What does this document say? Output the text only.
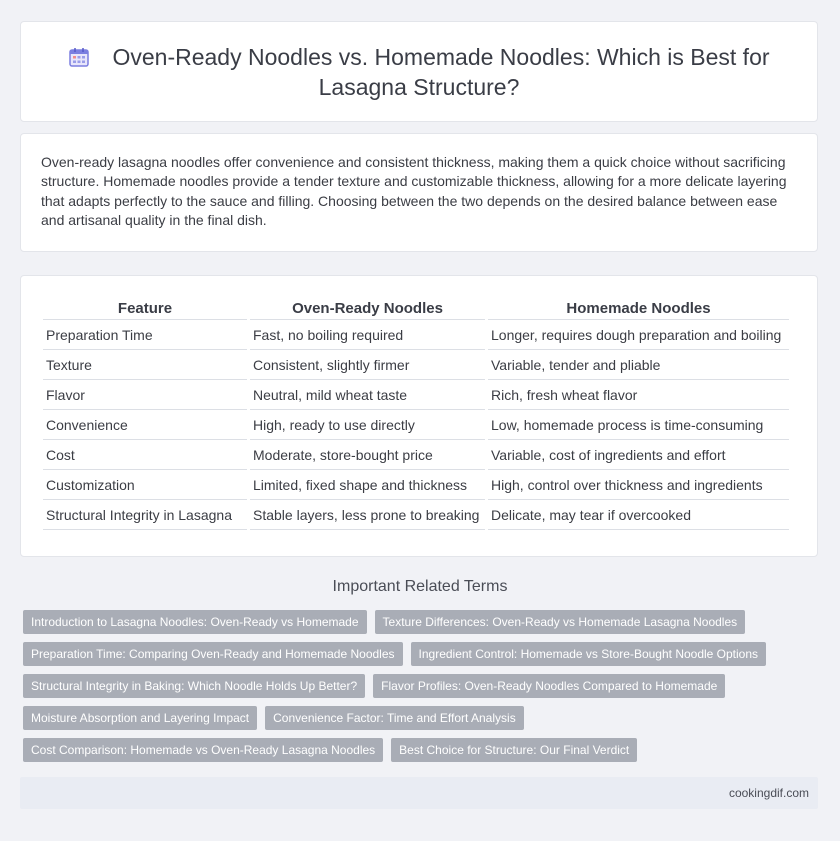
Oven-Ready Noodles vs. Homemade Noodles: Which is Best for Lasagna Structure?

Oven-ready lasagna noodles offer convenience and consistent thickness, making them a quick choice without sacrificing structure. Homemade noodles provide a tender texture and customizable thickness, allowing for a more delicate layering that adapts perfectly to the sauce and filling. Choosing between the two depends on the desired balance between ease and artisanal quality in the final dish.

Feature	Oven-Ready Noodles	Homemade Noodles
Preparation Time	Fast, no boiling required	Longer, requires dough preparation and boiling
Texture	Consistent, slightly firmer	Variable, tender and pliable
Flavor	Neutral, mild wheat taste	Rich, fresh wheat flavor
Convenience	High, ready to use directly	Low, homemade process is time-consuming
Cost	Moderate, store-bought price	Variable, cost of ingredients and effort
Customization	Limited, fixed shape and thickness	High, control over thickness and ingredients
Structural Integrity in Lasagna	Stable layers, less prone to breaking	Delicate, may tear if overcooked
Important Related Terms
Introduction to Lasagna Noodles: Oven-Ready vs Homemade	Texture Differences: Oven-Ready vs Homemade Lasagna Noodles
Preparation Time: Comparing Oven-Ready and Homemade Noodles	Ingredient Control: Homemade vs Store-Bought Noodle Options
Structural Integrity in Baking: Which Noodle Holds Up Better?	Flavor Profiles: Oven-Ready Noodles Compared to Homemade
Moisture Absorption and Layering Impact	Convenience Factor: Time and Effort Analysis
Cost Comparison: Homemade vs Oven-Ready Lasagna Noodles	Best Choice for Structure: Our Final Verdict
cookingdif.com
